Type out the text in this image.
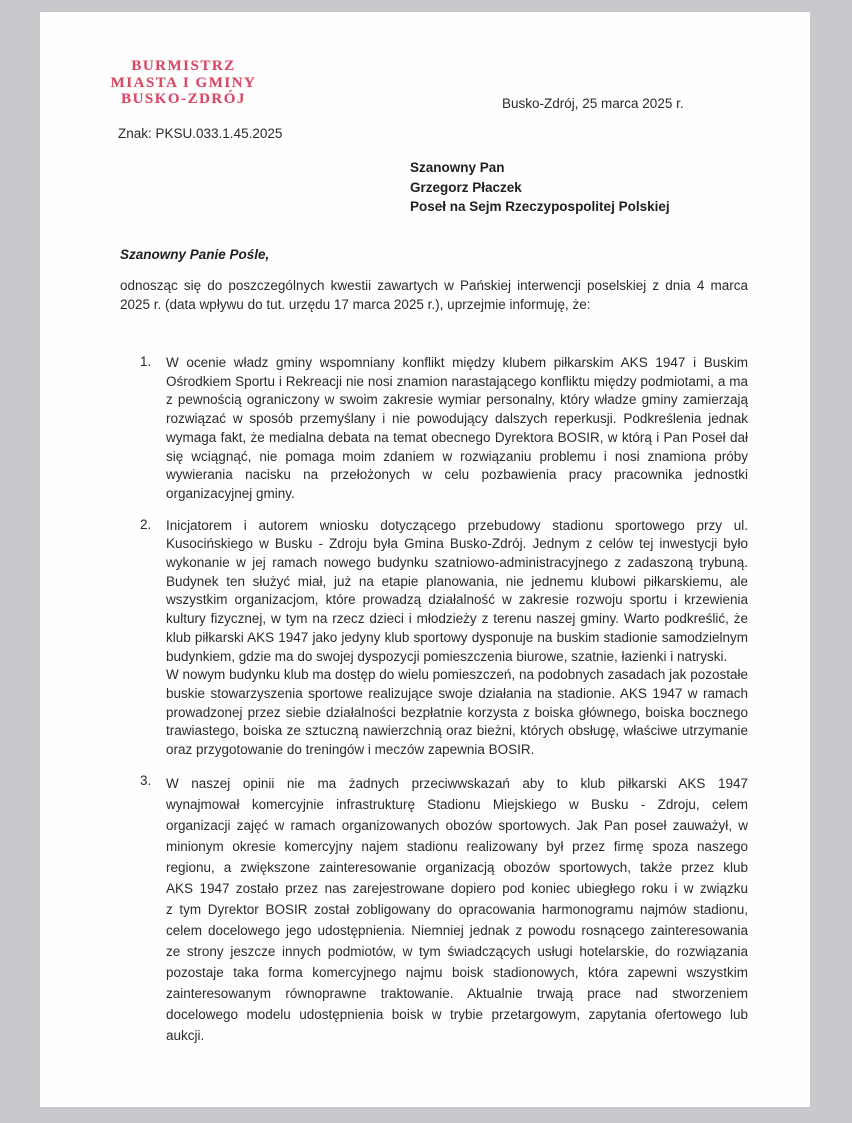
BURMISTRZ
MIASTA I GMINY
BUSKO-ZDRÓJ	Busko-Zdrój, 25 marca 2025 r.
Znak: PKSU.033.1.45.2025
Szanowny Pan
Grzegorz Płaczek
Poseł na Sejm Rzeczypospolitej Polskiej
Szanowny Panie Pośle,

odnosząc się do poszczególnych kwestii zawartych w Pańskiej interwencji poselskiej z dnia 4 marca 2025 r. (data wpływu do tut. urzędu 17 marca 2025 r.), uprzejmie informuję, że:

1.	W ocenie władz gminy wspomniany konflikt między klubem piłkarskim AKS 1947 i Buskim Ośrodkiem Sportu i Rekreacji nie nosi znamion narastającego konfliktu między podmiotami, a ma z pewnością ograniczony w swoim zakresie wymiar personalny, który władze gminy zamierzają rozwiązać w sposób przemyślany i nie powodujący dalszych reperkusji. Podkreślenia jednak wymaga fakt, że medialna debata na temat obecnego Dyrektora BOSIR, w którą i Pan Poseł dał się wciągnąć, nie pomaga moim zdaniem w rozwiązaniu problemu i nosi znamiona próby wywierania nacisku na przełożonych w celu pozbawienia pracy pracownika jednostki organizacyjnej gminy.
2.	Inicjatorem i autorem wniosku dotyczącego przebudowy stadionu sportowego przy ul. Kusocińskiego w Busku - Zdroju była Gmina Busko-Zdrój. Jednym z celów tej inwestycji było wykonanie w jej ramach nowego budynku szatniowo-administracyjnego z zadaszoną trybuną. Budynek ten służyć miał, już na etapie planowania, nie jednemu klubowi piłkarskiemu, ale wszystkim organizacjom, które prowadzą działalność w zakresie rozwoju sportu i krzewienia kultury fizycznej, w tym na rzecz dzieci i młodzieży z terenu naszej gminy. Warto podkreślić, że klub piłkarski AKS 1947 jako jedyny klub sportowy dysponuje na buskim stadionie samodzielnym budynkiem, gdzie ma do swojej dyspozycji pomieszczenia biurowe, szatnie, łazienki i natryski.
W nowym budynku klub ma dostęp do wielu pomieszczeń, na podobnych zasadach jak pozostałe buskie stowarzyszenia sportowe realizujące swoje działania na stadionie. AKS 1947 w ramach prowadzonej przez siebie działalności bezpłatnie korzysta z boiska głównego, boiska bocznego trawiastego, boiska ze sztuczną nawierzchnią oraz bieżni, których obsługę, właściwe utrzymanie oraz przygotowanie do treningów i meczów zapewnia BOSIR.
3.	W naszej opinii nie ma żadnych przeciwwskazań aby to klub piłkarski AKS 1947 wynajmował komercyjnie infrastrukturę Stadionu Miejskiego w Busku - Zdroju, celem organizacji zajęć w ramach organizowanych obozów sportowych. Jak Pan poseł zauważył, w minionym okresie komercyjny najem stadionu realizowany był przez firmę spoza naszego regionu, a zwiększone zainteresowanie organizacją obozów sportowych, także przez klub AKS 1947 zostało przez nas zarejestrowane dopiero pod koniec ubiegłego roku i w związku z tym Dyrektor BOSIR został zobligowany do opracowania harmonogramu najmów stadionu, celem docelowego jego udostępnienia. Niemniej jednak z powodu rosnącego zainteresowania ze strony jeszcze innych podmiotów, w tym świadczących usługi hotelarskie, do rozwiązania pozostaje taka forma komercyjnego najmu boisk stadionowych, która zapewni wszystkim zainteresowanym równoprawne traktowanie. Aktualnie trwają prace nad stworzeniem docelowego modelu udostępnienia boisk w trybie przetargowym, zapytania ofertowego lub aukcji.
